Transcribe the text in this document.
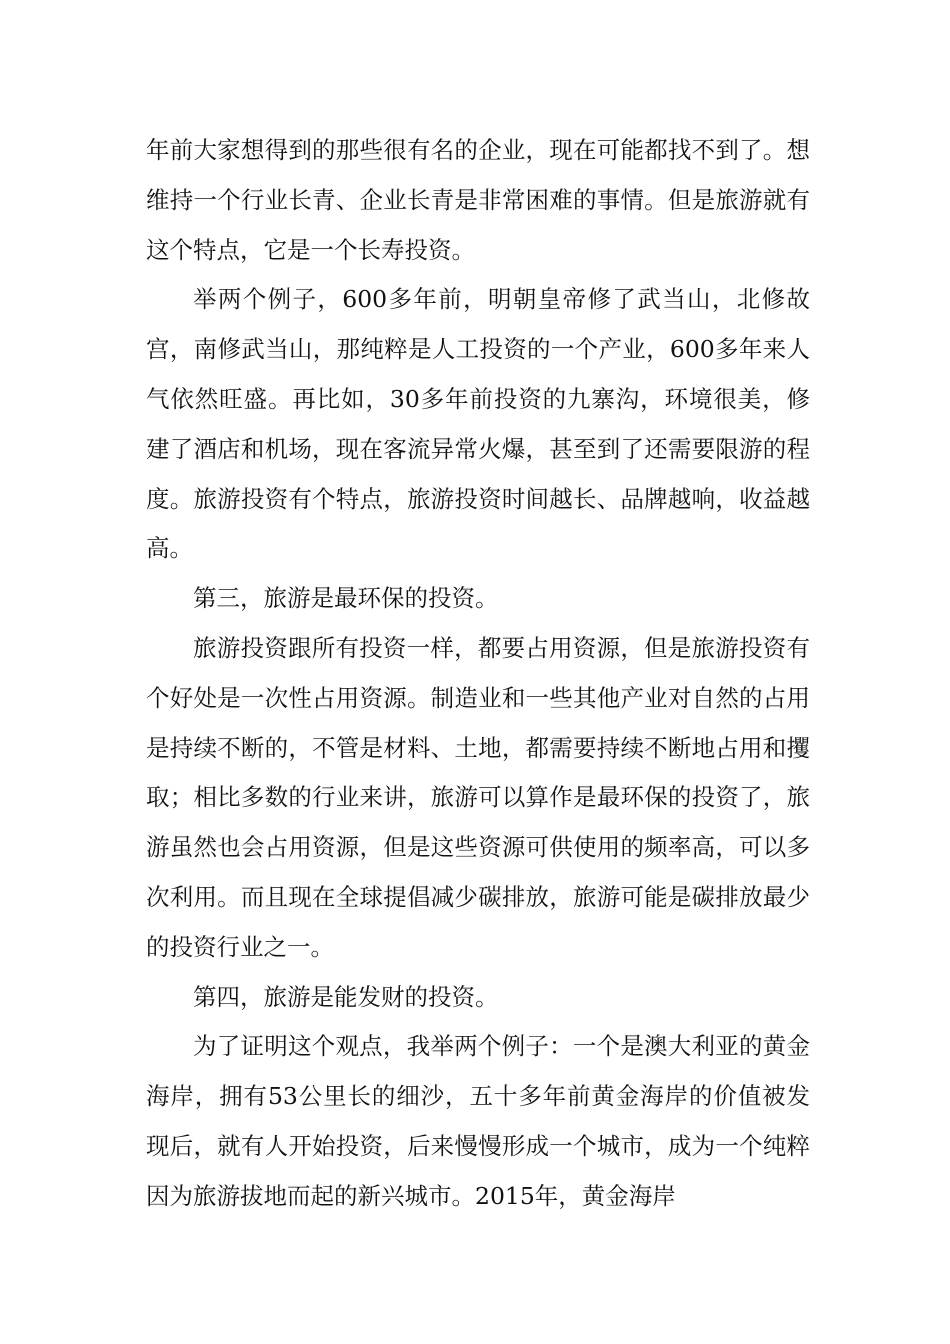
年前大家想得到的那些很有名的企业，现在可能都找不到了。想维持一个行业长青、企业长青是非常困难的事情。但是旅游就有这个特点，它是一个长寿投资。

举两个例子，600多年前，明朝皇帝修了武当山，北修故宫，南修武当山，那纯粹是人工投资的一个产业，600多年来人气依然旺盛。再比如，30多年前投资的九寨沟，环境很美，修建了酒店和机场，现在客流异常火爆，甚至到了还需要限游的程度。旅游投资有个特点，旅游投资时间越长、品牌越响，收益越高。

第三，旅游是最环保的投资。

旅游投资跟所有投资一样，都要占用资源，但是旅游投资有个好处是一次性占用资源。制造业和一些其他产业对自然的占用是持续不断的，不管是材料、土地，都需要持续不断地占用和攫取；相比多数的行业来讲，旅游可以算作是最环保的投资了，旅游虽然也会占用资源，但是这些资源可供使用的频率高，可以多次利用。而且现在全球提倡减少碳排放，旅游可能是碳排放最少的投资行业之一。

第四，旅游是能发财的投资。

为了证明这个观点，我举两个例子：一个是澳大利亚的黄金海岸，拥有53公里长的细沙，五十多年前黄金海岸的价值被发现后，就有人开始投资，后来慢慢形成一个城市，成为一个纯粹因为旅游拔地而起的新兴城市。2015年，黄金海岸
